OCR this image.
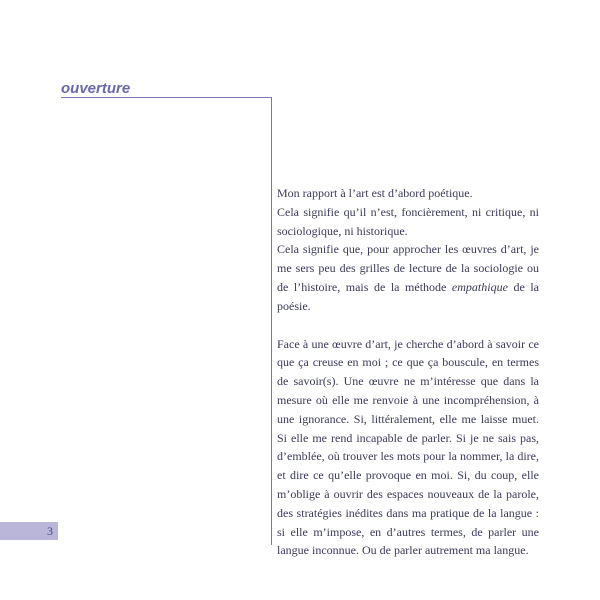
ouverture
3

Mon rapport à l’art est d’abord poétique.

Cela signifie qu’il n’est, foncièrement, ni critique, ni sociologique, ni historique.

Cela signifie que, pour approcher les œuvres d’art, je me sers peu des grilles de lecture de la sociologie ou de l’histoire, mais de la méthode empathique de la poésie.

Face à une œuvre d’art, je cherche d’abord à savoir ce que ça creuse en moi ; ce que ça bouscule, en termes de savoir(s). Une œuvre ne m’intéresse que dans la mesure où elle me renvoie à une incompréhension, à une ignorance. Si, littéralement, elle me laisse muet. Si elle me rend incapable de parler. Si je ne sais pas, d’emblée, où trouver les mots pour la nommer, la dire, et dire ce qu’elle provoque en moi. Si, du coup, elle m’oblige à ouvrir des espaces nouveaux de la parole, des stratégies inédites dans ma pratique de la langue : si elle m’impose, en d’autres termes, de parler une langue inconnue. Ou de parler autrement ma langue.
